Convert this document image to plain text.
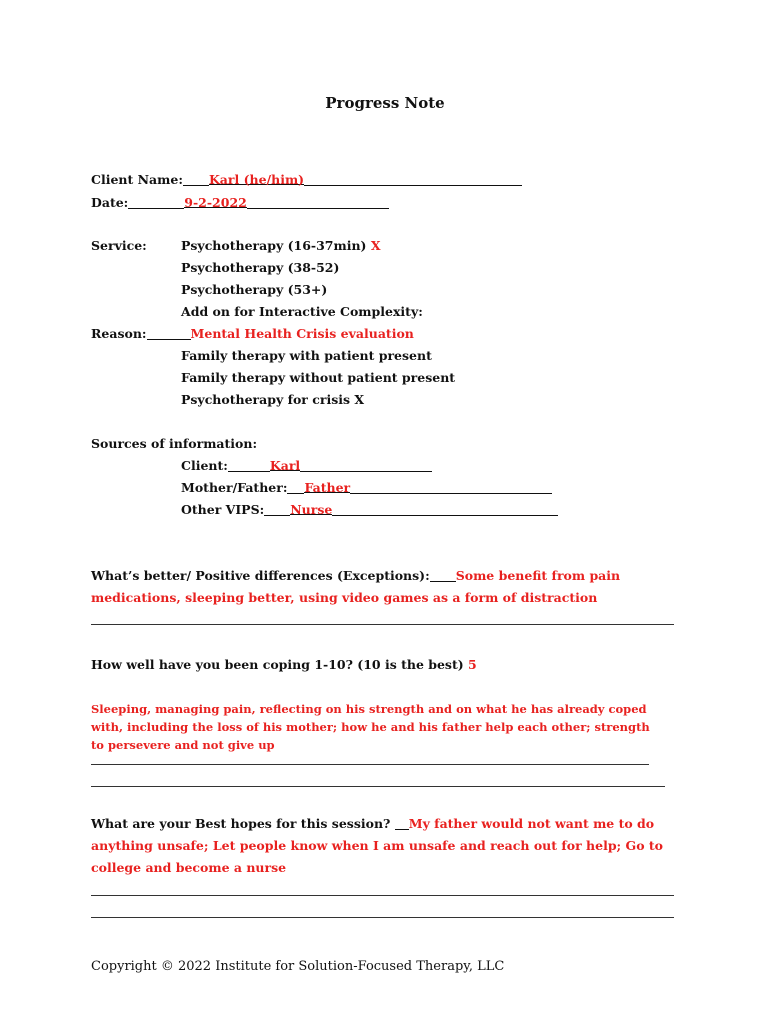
Progress Note
Client Name: Karl (he/him)
Date:	9-2-2022
Service:	Psychotherapy (16-37min) X
Psychotherapy (38-52)
Psychotherapy (53+)
Add on for Interactive Complexity:
Reason:	Mental Health Crisis evaluation
Family therapy with patient present
Family therapy without patient present
Psychotherapy for crisis X
Sources of information:
Client:	Karl
Mother/Father: Father
Other VIPS: Nurse
What’s better/ Positive differences (Exceptions): Some benefit from pain medications, sleeping better, using video games as a form of distraction
How well have you been coping 1-10? (10 is the best) 5
Sleeping, managing pain, reflecting on his strength and on what he has already coped with, including the loss of his mother; how he and his father help each other; strength to persevere and not give up
What are your Best hopes for this session? My father would not want me to do anything unsafe; Let people know when I am unsafe and reach out for help; Go to college and become a nurse
Copyright © 2022 Institute for Solution-Focused Therapy, LLC
